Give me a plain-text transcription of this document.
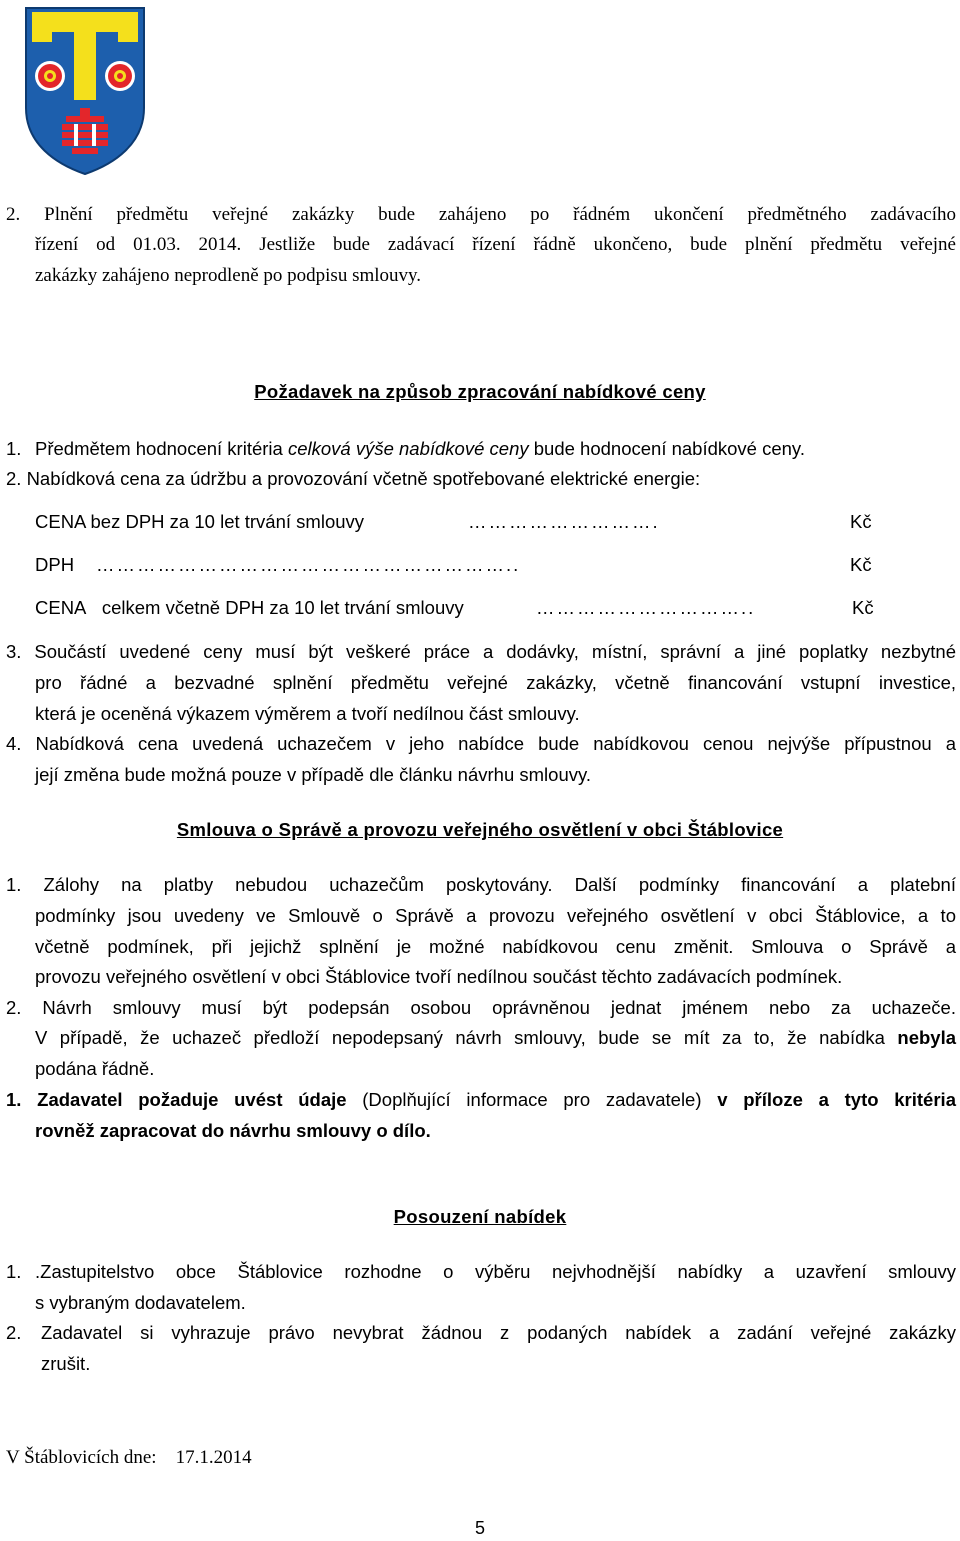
2. Plnění předmětu veřejné zakázky bude zahájeno po řádném ukončení předmětného zadávacího
řízení od 01.03. 2014. Jestliže bude zadávací řízení řádně ukončeno, bude plnění předmětu veřejné
zakázky zahájeno neprodleně po podpisu smlouvy.
Požadavek na způsob zpracování nabídkové ceny
1. Předmětem hodnocení kritéria celková výše nabídkové ceny bude hodnocení nabídkové ceny.
2. Nabídková cena za údržbu a provozování včetně spotřebované elektrické energie:
CENA bez DPH za 10 let trvání smlouvy	……………………….	Kč
DPH ……………………………………………………..	Kč
CENA celkem včetně DPH za 10 let trvání smlouvy	…………………………..	Kč
3. Součástí uvedené ceny musí být veškeré práce a dodávky, místní, správní a jiné poplatky nezbytné
pro řádné a bezvadné splnění předmětu veřejné zakázky, včetně financování vstupní investice,
která je oceněná výkazem výměrem a tvoří nedílnou část smlouvy.
4. Nabídková cena uvedená uchazečem v jeho nabídce bude nabídkovou cenou nejvýše přípustnou a
její změna bude možná pouze v případě dle článku návrhu smlouvy.
Smlouva o Správě a provozu veřejného osvětlení v obci Štáblovice
1. Zálohy na platby nebudou uchazečům poskytovány. Další podmínky financování a platební
podmínky jsou uvedeny ve Smlouvě o Správě a provozu veřejného osvětlení v obci Štáblovice, a to
včetně podmínek, při jejichž splnění je možné nabídkovou cenu změnit. Smlouva o Správě a
provozu veřejného osvětlení v obci Štáblovice tvoří nedílnou součást těchto zadávacích podmínek.
2. Návrh smlouvy musí být podepsán osobou oprávněnou jednat jménem nebo za uchazeče.
V případě, že uchazeč předloží nepodepsaný návrh smlouvy, bude se mít za to, že nabídka nebyla
podána řádně.
1. Zadavatel požaduje uvést údaje (Doplňující informace pro zadavatele) v příloze a tyto kritéria
rovněž zapracovat do návrhu smlouvy o dílo.
Posouzení nabídek
1. .Zastupitelstvo obce Štáblovice rozhodne o výběru nejvhodnější nabídky a uzavření smlouvy
s vybraným dodavatelem.
2. Zadavatel si vyhrazuje právo nevybrat žádnou z podaných nabídek a zadání veřejné zakázky
zrušit.
V Štáblovicích dne: 17.1.2014
5
